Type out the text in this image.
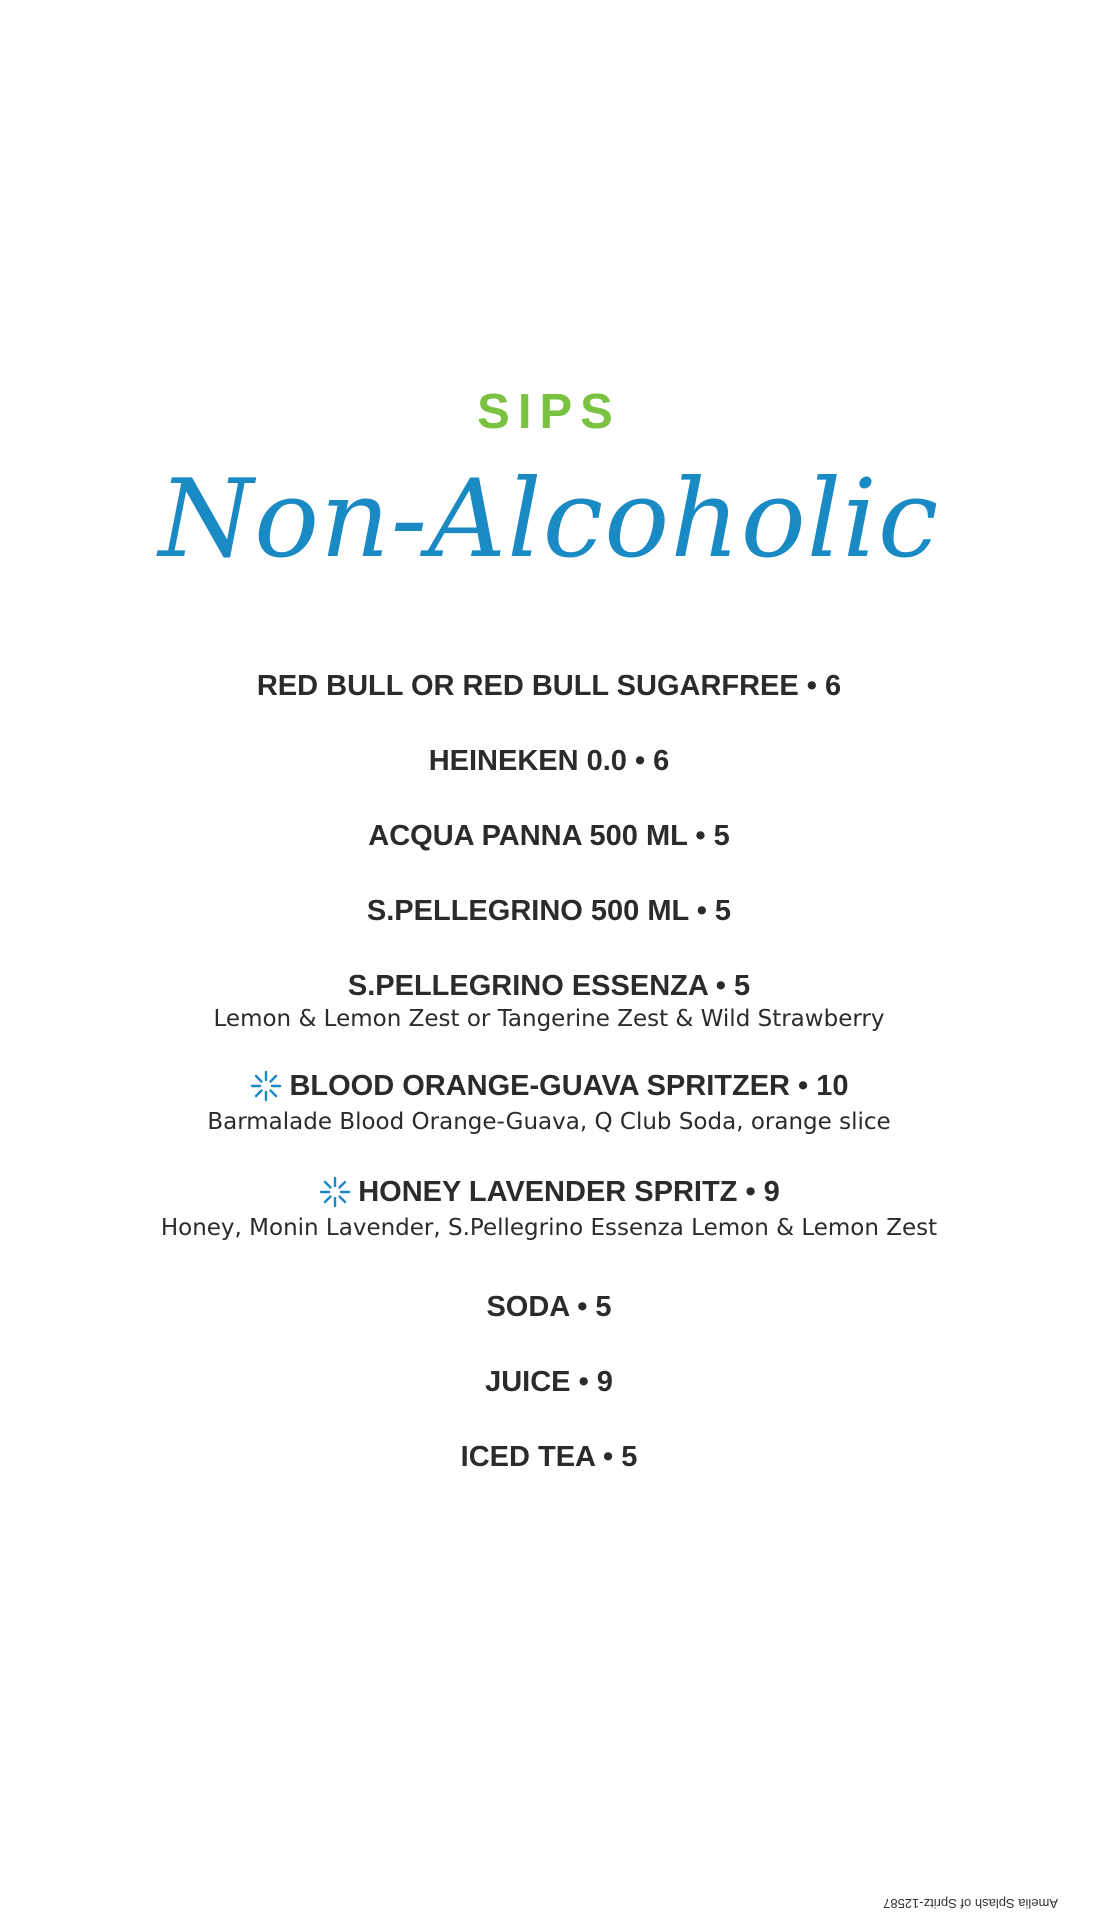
SIPS
Non-Alcoholic
RED BULL OR RED BULL SUGARFREE • 6
HEINEKEN 0.0 • 6
ACQUA PANNA 500 ML • 5
S.PELLEGRINO 500 ML • 5
S.PELLEGRINO ESSENZA • 5
Lemon & Lemon Zest or Tangerine Zest & Wild Strawberry
BLOOD ORANGE-GUAVA SPRITZER • 10
Barmalade Blood Orange-Guava, Q Club Soda, orange slice
HONEY LAVENDER SPRITZ • 9
Honey, Monin Lavender, S.Pellegrino Essenza Lemon & Lemon Zest
SODA • 5
JUICE • 9
ICED TEA • 5
Amelia Splash of Spritz-12587
